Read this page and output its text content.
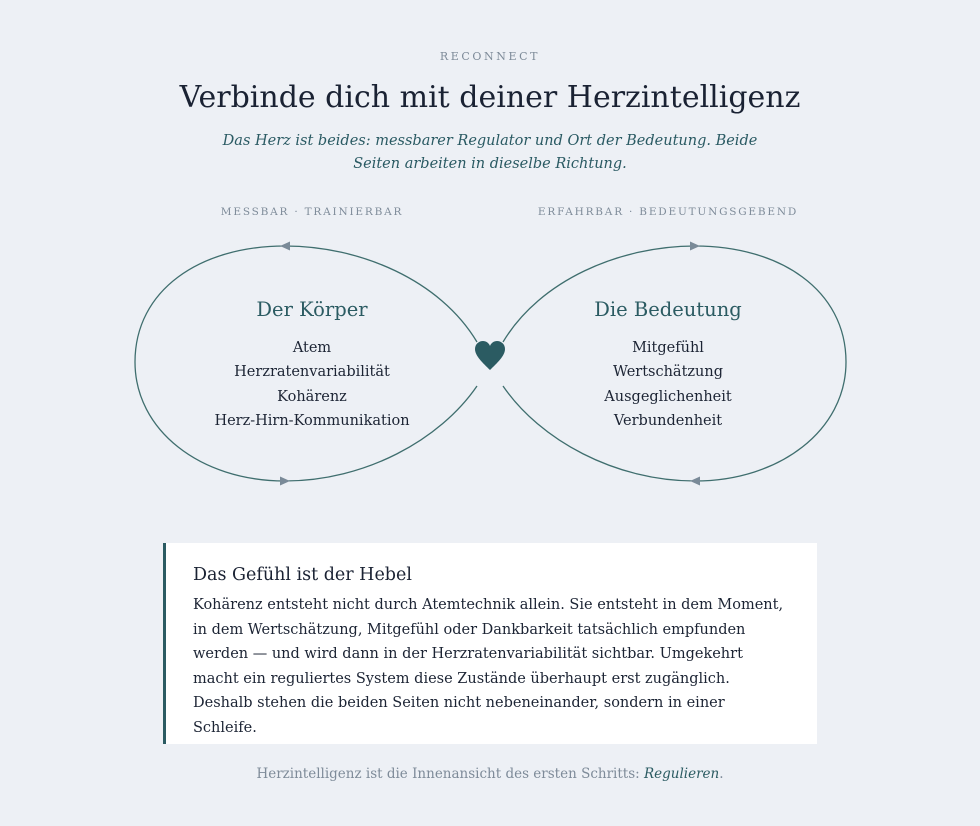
RECONNECT
Verbinde dich mit deiner Herzintelligenz

Das Herz ist beides: messbarer Regulator und Ort der Bedeutung. Beide Seiten arbeiten in dieselbe Richtung.

MESSBAR · TRAINIERBAR	ERFAHRBAR · BEDEUTUNGSGEBEND
Der Körper
Atem
Herzratenvariabilität
Kohärenz
Herz-Hirn-Kommunikation
Die Bedeutung
Mitgefühl
Wertschätzung
Ausgeglichenheit
Verbundenheit
Das Gefühl ist der Hebel

Kohärenz entsteht nicht durch Atemtechnik allein. Sie entsteht in dem Moment, in dem Wertschätzung, Mitgefühl oder Dankbarkeit tatsächlich empfunden werden — und wird dann in der Herzratenvariabilität sichtbar. Umgekehrt macht ein reguliertes System diese Zustände überhaupt erst zugänglich. Deshalb stehen die beiden Seiten nicht nebeneinander, sondern in einer Schleife.

Herzintelligenz ist die Innenansicht des ersten Schritts: Regulieren.
